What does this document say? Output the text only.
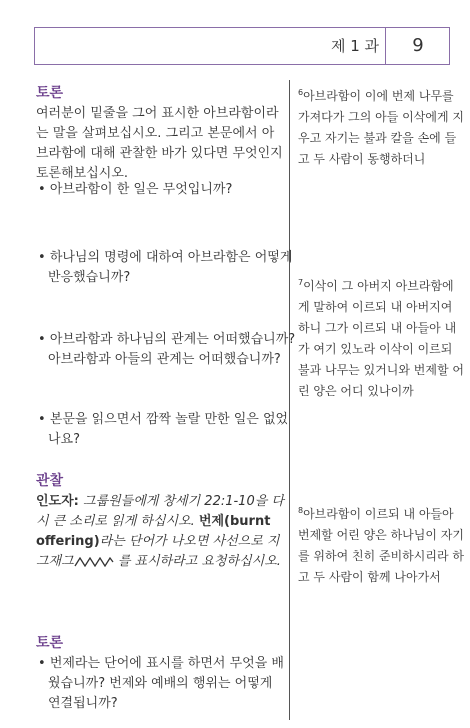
제 1 과	9
토론
여러분이 밑줄을 그어 표시한 아브라함이라는 말을 살펴보십시오. 그리고 본문에서 아브라함에 대해 관찰한 바가 있다면 무엇인지 토론해보십시오.
• 아브라함이 한 일은 무엇입니까?
• 하나님의 명령에 대하여 아브라함은 어떻게 반응했습니까?
• 아브라함과 하나님의 관계는 어떠했습니까? 아브라함과 아들의 관계는 어떠했습니까?
• 본문을 읽으면서 깜짝 놀랄 만한 일은 없었나요?
관찰
인도자: 그룹원들에게 창세기 22:1-10을 다시 큰 소리로 읽게 하십시오. 번제(burnt offering)라는 단어가 나오면 사선으로 지그재그	를 표시하라고 요청하십시오.
토론
• 번제라는 단어에 표시를 하면서 무엇을 배웠습니까? 번제와 예배의 행위는 어떻게 연결됩니까?
$^6$아브라함이 이에 번제 나무를 가져다가 그의 아들 이삭에게 지우고 자기는 불과 칼을 손에 들고 두 사람이 동행하더니
$^7$이삭이 그 아버지 아브라함에게 말하여 이르되 내 아버지여 하니 그가 이르되 내 아들아 내가 여기 있노라 이삭이 이르되 불과 나무는 있거니와 번제할 어린 양은 어디 있나이까
$^8$아브라함이 이르되 내 아들아 번제할 어린 양은 하나님이 자기를 위하여 친히 준비하시리라 하고 두 사람이 함께 나아가서
